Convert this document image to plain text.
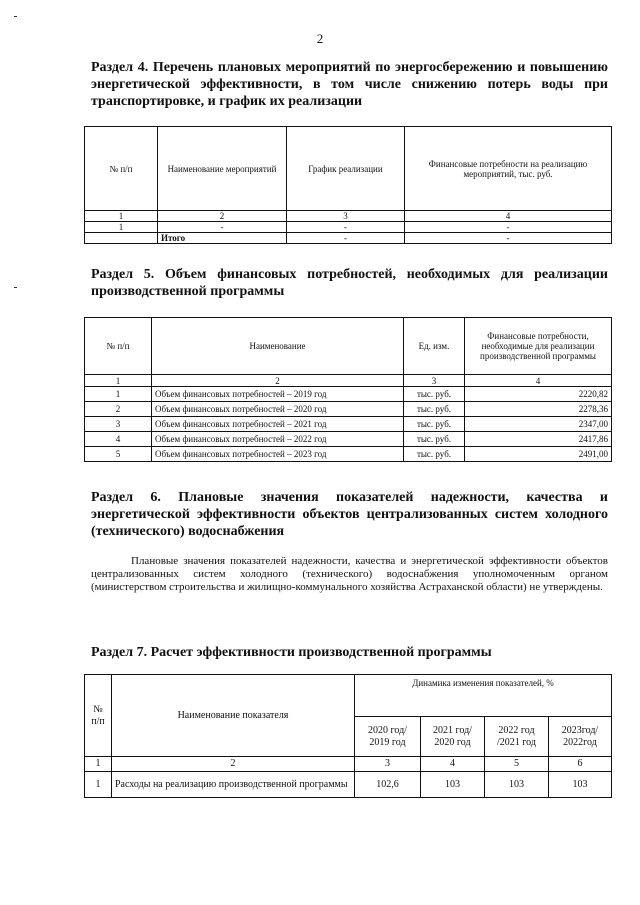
2
Раздел 4. Перечень плановых мероприятий по энергосбережению и повышению энергетической эффективности, в том числе снижению потерь воды при транспортировке, и график их реализации
№ п/п	Наименование мероприятий	График реализации	Финансовые потребности на реализацию мероприятий, тыс. руб.
1	2	3	4
1	-	-	-
	Итого	-	-
Раздел 5. Объем финансовых потребностей, необходимых для реализации производственной программы
№ п/п	Наименование	Ед. изм.	Финансовые потребности, необходимые для реализации производственной программы
1	2	3	4
1	Объем финансовых потребностей – 2019 год	тыс. руб.	2220,82
2	Объем финансовых потребностей – 2020 год	тыс. руб.	2278,36
3	Объем финансовых потребностей – 2021 год	тыс. руб.	2347,00
4	Объем финансовых потребностей – 2022 год	тыс. руб.	2417,86
5	Объем финансовых потребностей – 2023 год	тыс. руб.	2491,00
Раздел 6. Плановые значения показателей надежности, качества и энергетической эффективности объектов централизованных систем холодного (технического) водоснабжения
Плановые значения показателей надежности, качества и энергетической эффективности объектов централизованных систем холодного (технического) водоснабжения уполномоченным органом (министерством строительства и жилищно-коммунального хозяйства Астраханской области) не утверждены.
Раздел 7. Расчет эффективности производственной программы
№ п/п	Наименование показателя	Динамика изменения показателей, %			
		2020 год/ 2019 год	2021 год/ 2020 год	2022 год /2021 год	2023год/ 2022год
1	2	3	4	5	6
1	Расходы на реализацию производственной программы	102,6	103	103	103
